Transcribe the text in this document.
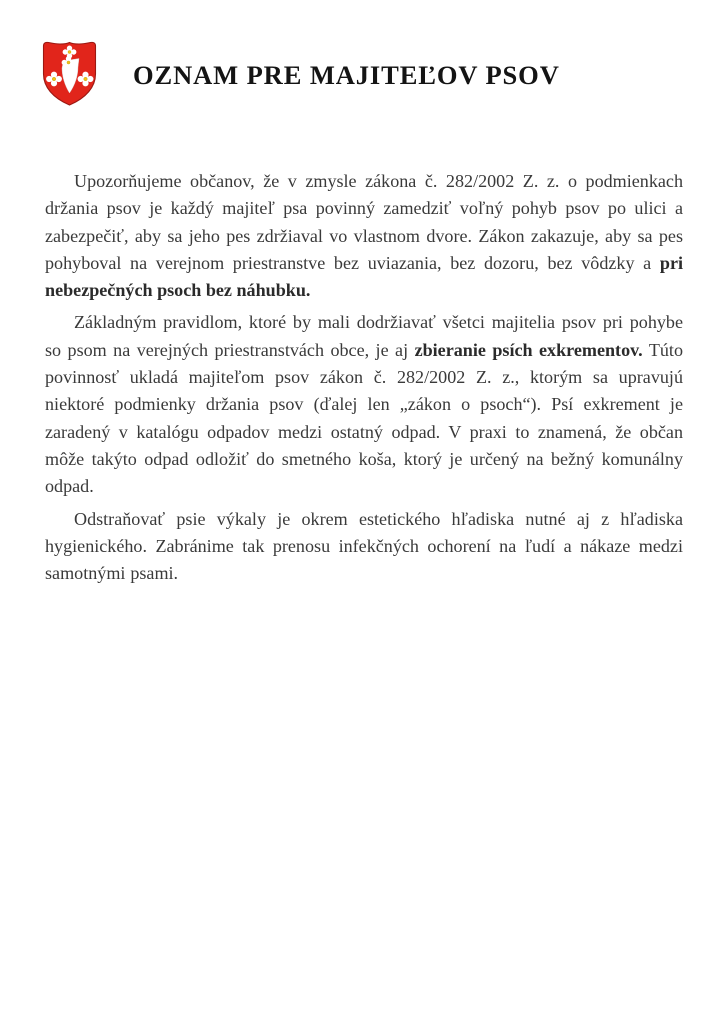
OZNAM PRE MAJITEĽOV PSOV

Upozorňujeme občanov, že v zmysle zákona č. 282/2002 Z. z. o podmienkach držania psov je každý majiteľ psa povinný zamedziť voľný pohyb psov po ulici a zabezpečiť, aby sa jeho pes zdržiaval vo vlastnom dvore. Zákon zakazuje, aby sa pes pohyboval na verejnom priestranstve bez uviazania, bez dozoru, bez vôdzky a pri nebezpečných psoch bez náhubku.

Základným pravidlom, ktoré by mali dodržiavať všetci majitelia psov pri pohybe so psom na verejných priestranstvách obce, je aj zbieranie psích exkrementov. Túto povinnosť ukladá majiteľom psov zákon č. 282/2002 Z. z., ktorým sa upravujú niektoré podmienky držania psov (ďalej len „zákon o psoch“). Psí exkrement je zaradený v katalógu odpadov medzi ostatný odpad. V praxi to znamená, že občan môže takýto odpad odložiť do smetného koša, ktorý je určený na bežný komunálny odpad.

Odstraňovať psie výkaly je okrem estetického hľadiska nutné aj z hľadiska hygienického. Zabránime tak prenosu infekčných ochorení na ľudí a nákaze medzi samotnými psami.
